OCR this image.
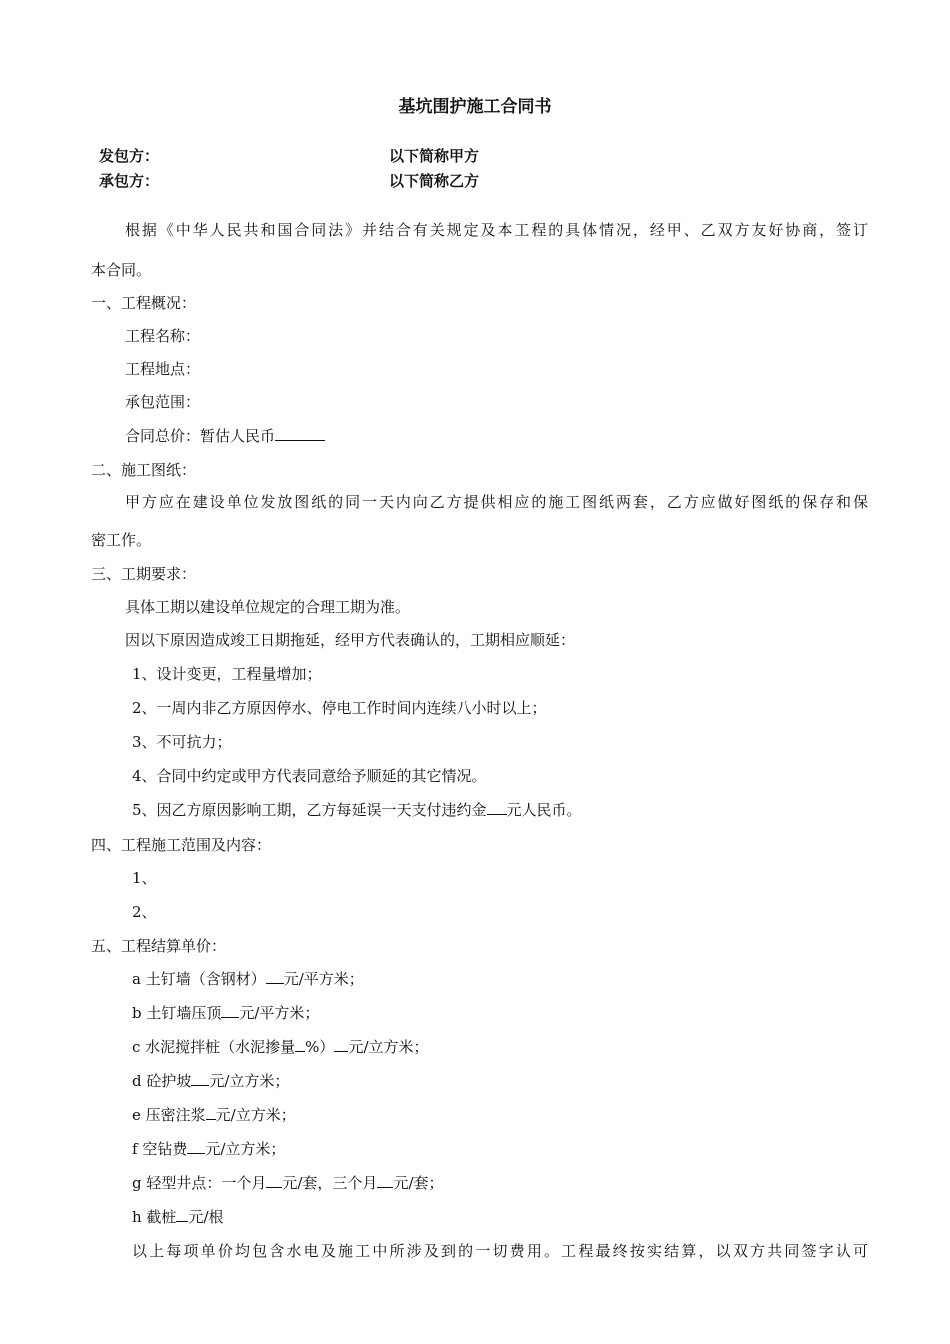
基坑围护施工合同书
发包方：	以下简称甲方
承包方：	以下简称乙方
根据《中华人民共和国合同法》并结合有关规定及本工程的具体情况，经甲、乙双方友好协商，签订
本合同。
一、工程概况：
工程名称：
工程地点：
承包范围：
合同总价：暂估人民币
二、施工图纸：
甲方应在建设单位发放图纸的同一天内向乙方提供相应的施工图纸两套，乙方应做好图纸的保存和保
密工作。
三、工期要求：
具体工期以建设单位规定的合理工期为准。
因以下原因造成竣工日期拖延，经甲方代表确认的，工期相应顺延：
1、设计变更，工程量增加；
2、一周内非乙方原因停水、停电工作时间内连续八小时以上；
3、不可抗力；
4、合同中约定或甲方代表同意给予顺延的其它情况。
5、因乙方原因影响工期，乙方每延误一天支付违约金 元人民币。
四、工程施工范围及内容：
1、
2、
五、工程结算单价：
a 土钉墙（含钢材） 元/平方米；
b 土钉墙压顶 元/平方米；
c 水泥搅拌桩（水泥掺量 %） 元/立方米；
d 砼护坡 元/立方米；
e 压密注浆 元/立方米；
f 空钻费 元/立方米；
g 轻型井点：一个月 元/套，三个月 元/套；
h 截桩 元/根
以上每项单价均包含水电及施工中所涉及到的一切费用。工程最终按实结算，以双方共同签字认可
